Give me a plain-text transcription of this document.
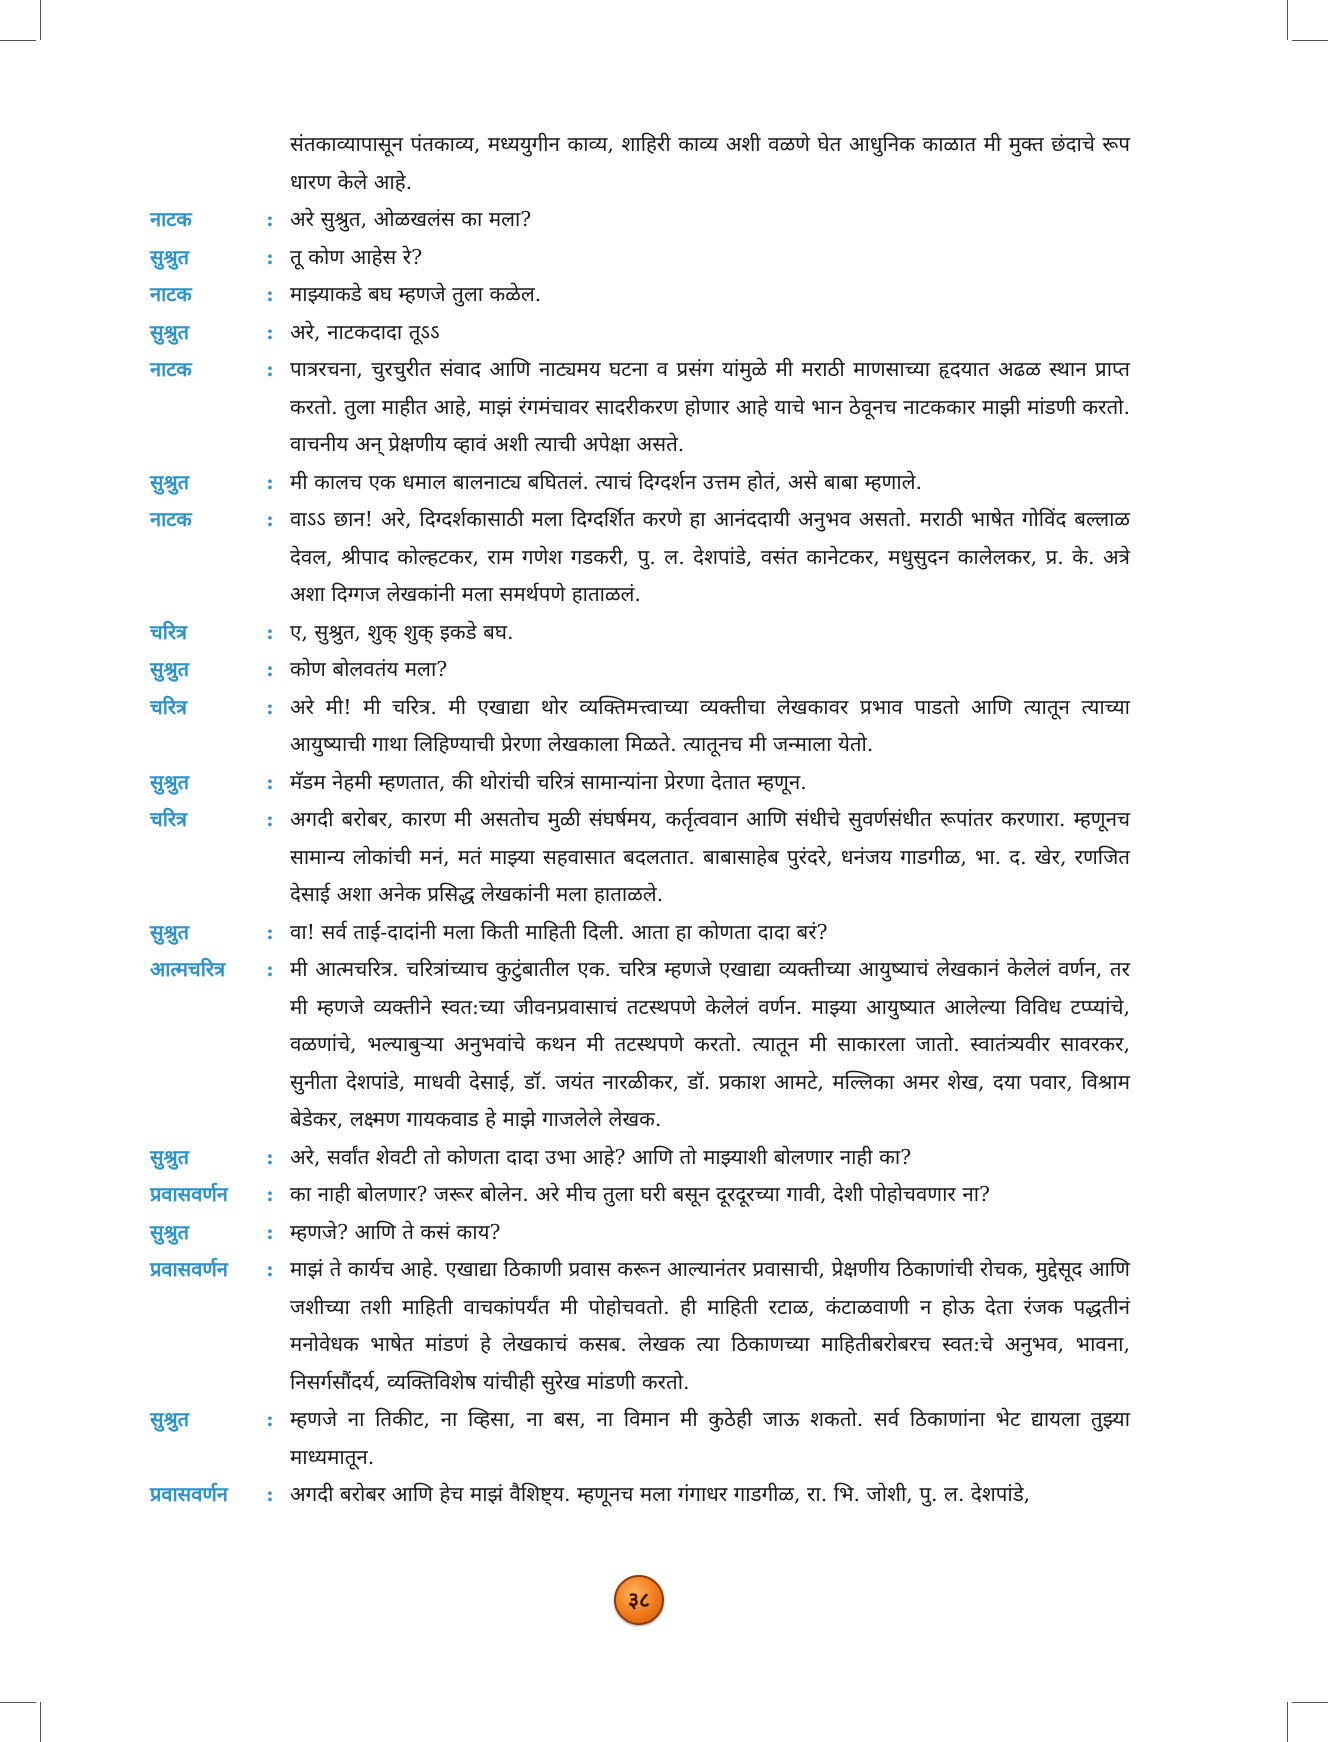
संतकाव्यापासून पंतकाव्य, मध्ययुगीन काव्य, शाहिरी काव्य अशी वळणे घेत आधुनिक काळात मी मुक्त छंदाचे रूप धारण केले आहे.
नाटक	: अरे सुश्रुत, ओळखलंस का मला?
सुश्रुत	: तू कोण आहेस रे?
नाटक	: माझ्याकडे बघ म्हणजे तुला कळेल.
सुश्रुत	: अरे, नाटकदादा तूऽऽ
नाटक	: पात्ररचना, चुरचुरीत संवाद आणि नाट्यमय घटना व प्रसंग यांमुळे मी मराठी माणसाच्या हृदयात अढळ स्थान प्राप्त करतो. तुला माहीत आहे, माझं रंगमंचावर सादरीकरण होणार आहे याचे भान ठेवूनच नाटककार माझी मांडणी करतो. वाचनीय अन् प्रेक्षणीय व्हावं अशी त्याची अपेक्षा असते.
सुश्रुत	: मी कालच एक धमाल बालनाट्य बघितलं. त्याचं दिग्दर्शन उत्तम होतं, असे बाबा म्हणाले.
नाटक	: वाऽऽ छान! अरे, दिग्दर्शकासाठी मला दिग्दर्शित करणे हा आनंददायी अनुभव असतो. मराठी भाषेत गोविंद बल्लाळ देवल, श्रीपाद कोल्हटकर, राम गणेश गडकरी, पु. ल. देशपांडे, वसंत कानेटकर, मधुसुदन कालेलकर, प्र. के. अत्रे अशा दिग्गज लेखकांनी मला समर्थपणे हाताळलं.
चरित्र	: ए, सुश्रुत, शुक् शुक् इकडे बघ.
सुश्रुत	: कोण बोलवतंय मला?
चरित्र	: अरे मी! मी चरित्र. मी एखाद्या थोर व्यक्तिमत्त्वाच्या व्यक्तीचा लेखकावर प्रभाव पाडतो आणि त्यातून त्याच्या आयुष्याची गाथा लिहिण्याची प्रेरणा लेखकाला मिळते. त्यातूनच मी जन्माला येतो.
सुश्रुत	: मॅडम नेहमी म्हणतात, की थोरांची चरित्रं सामान्यांना प्रेरणा देतात म्हणून.
चरित्र	: अगदी बरोबर, कारण मी असतोच मुळी संघर्षमय, कर्तृत्ववान आणि संधीचे सुवर्णसंधीत रूपांतर करणारा. म्हणूनच सामान्य लोकांची मनं, मतं माझ्या सहवासात बदलतात. बाबासाहेब पुरंदरे, धनंजय गाडगीळ, भा. द. खेर, रणजित देसाई अशा अनेक प्रसिद्ध लेखकांनी मला हाताळले.
सुश्रुत	: वा! सर्व ताई-दादांनी मला किती माहिती दिली. आता हा कोणता दादा बरं?
आत्मचरित्र	: मी आत्मचरित्र. चरित्रांच्याच कुटुंबातील एक. चरित्र म्हणजे एखाद्या व्यक्तीच्या आयुष्याचं लेखकानं केलेलं वर्णन, तर मी म्हणजे व्यक्तीने स्वत:च्या जीवनप्रवासाचं तटस्थपणे केलेलं वर्णन. माझ्या आयुष्यात आलेल्या विविध टप्प्यांचे, वळणांचे, भल्याबुऱ्या अनुभवांचे कथन मी तटस्थपणे करतो. त्यातून मी साकारला जातो. स्वातंत्र्यवीर सावरकर, सुनीता देशपांडे, माधवी देसाई, डॉ. जयंत नारळीकर, डॉ. प्रकाश आमटे, मल्लिका अमर शेख, दया पवार, विश्राम बेडेकर, लक्ष्मण गायकवाड हे माझे गाजलेले लेखक.
सुश्रुत	: अरे, सर्वांत शेवटी तो कोणता दादा उभा आहे? आणि तो माझ्याशी बोलणार नाही का?
प्रवासवर्णन	: का नाही बोलणार? जरूर बोलेन. अरे मीच तुला घरी बसून दूरदूरच्या गावी, देशी पोहोचवणार ना?
सुश्रुत	: म्हणजे? आणि ते कसं काय?
प्रवासवर्णन	: माझं ते कार्यच आहे. एखाद्या ठिकाणी प्रवास करून आल्यानंतर प्रवासाची, प्रेक्षणीय ठिकाणांची रोचक, मुद्देसूद आणि जशीच्या तशी माहिती वाचकांपर्यंत मी पोहोचवतो. ही माहिती रटाळ, कंटाळवाणी न होऊ देता रंजक पद्धतीनं मनोवेधक भाषेत मांडणं हे लेखकाचं कसब. लेखक त्या ठिकाणच्या माहितीबरोबरच स्वत:चे अनुभव, भावना, निसर्गसौंदर्य, व्यक्तिविशेष यांचीही सुरेख मांडणी करतो.
सुश्रुत	: म्हणजे ना तिकीट, ना व्हिसा, ना बस, ना विमान मी कुठेही जाऊ शकतो. सर्व ठिकाणांना भेट द्यायला तुझ्या माध्यमातून.
प्रवासवर्णन	: अगदी बरोबर आणि हेच माझं वैशिष्ट्य. म्हणूनच मला गंगाधर गाडगीळ, रा. भि. जोशी, पु. ल. देशपांडे,
३८
